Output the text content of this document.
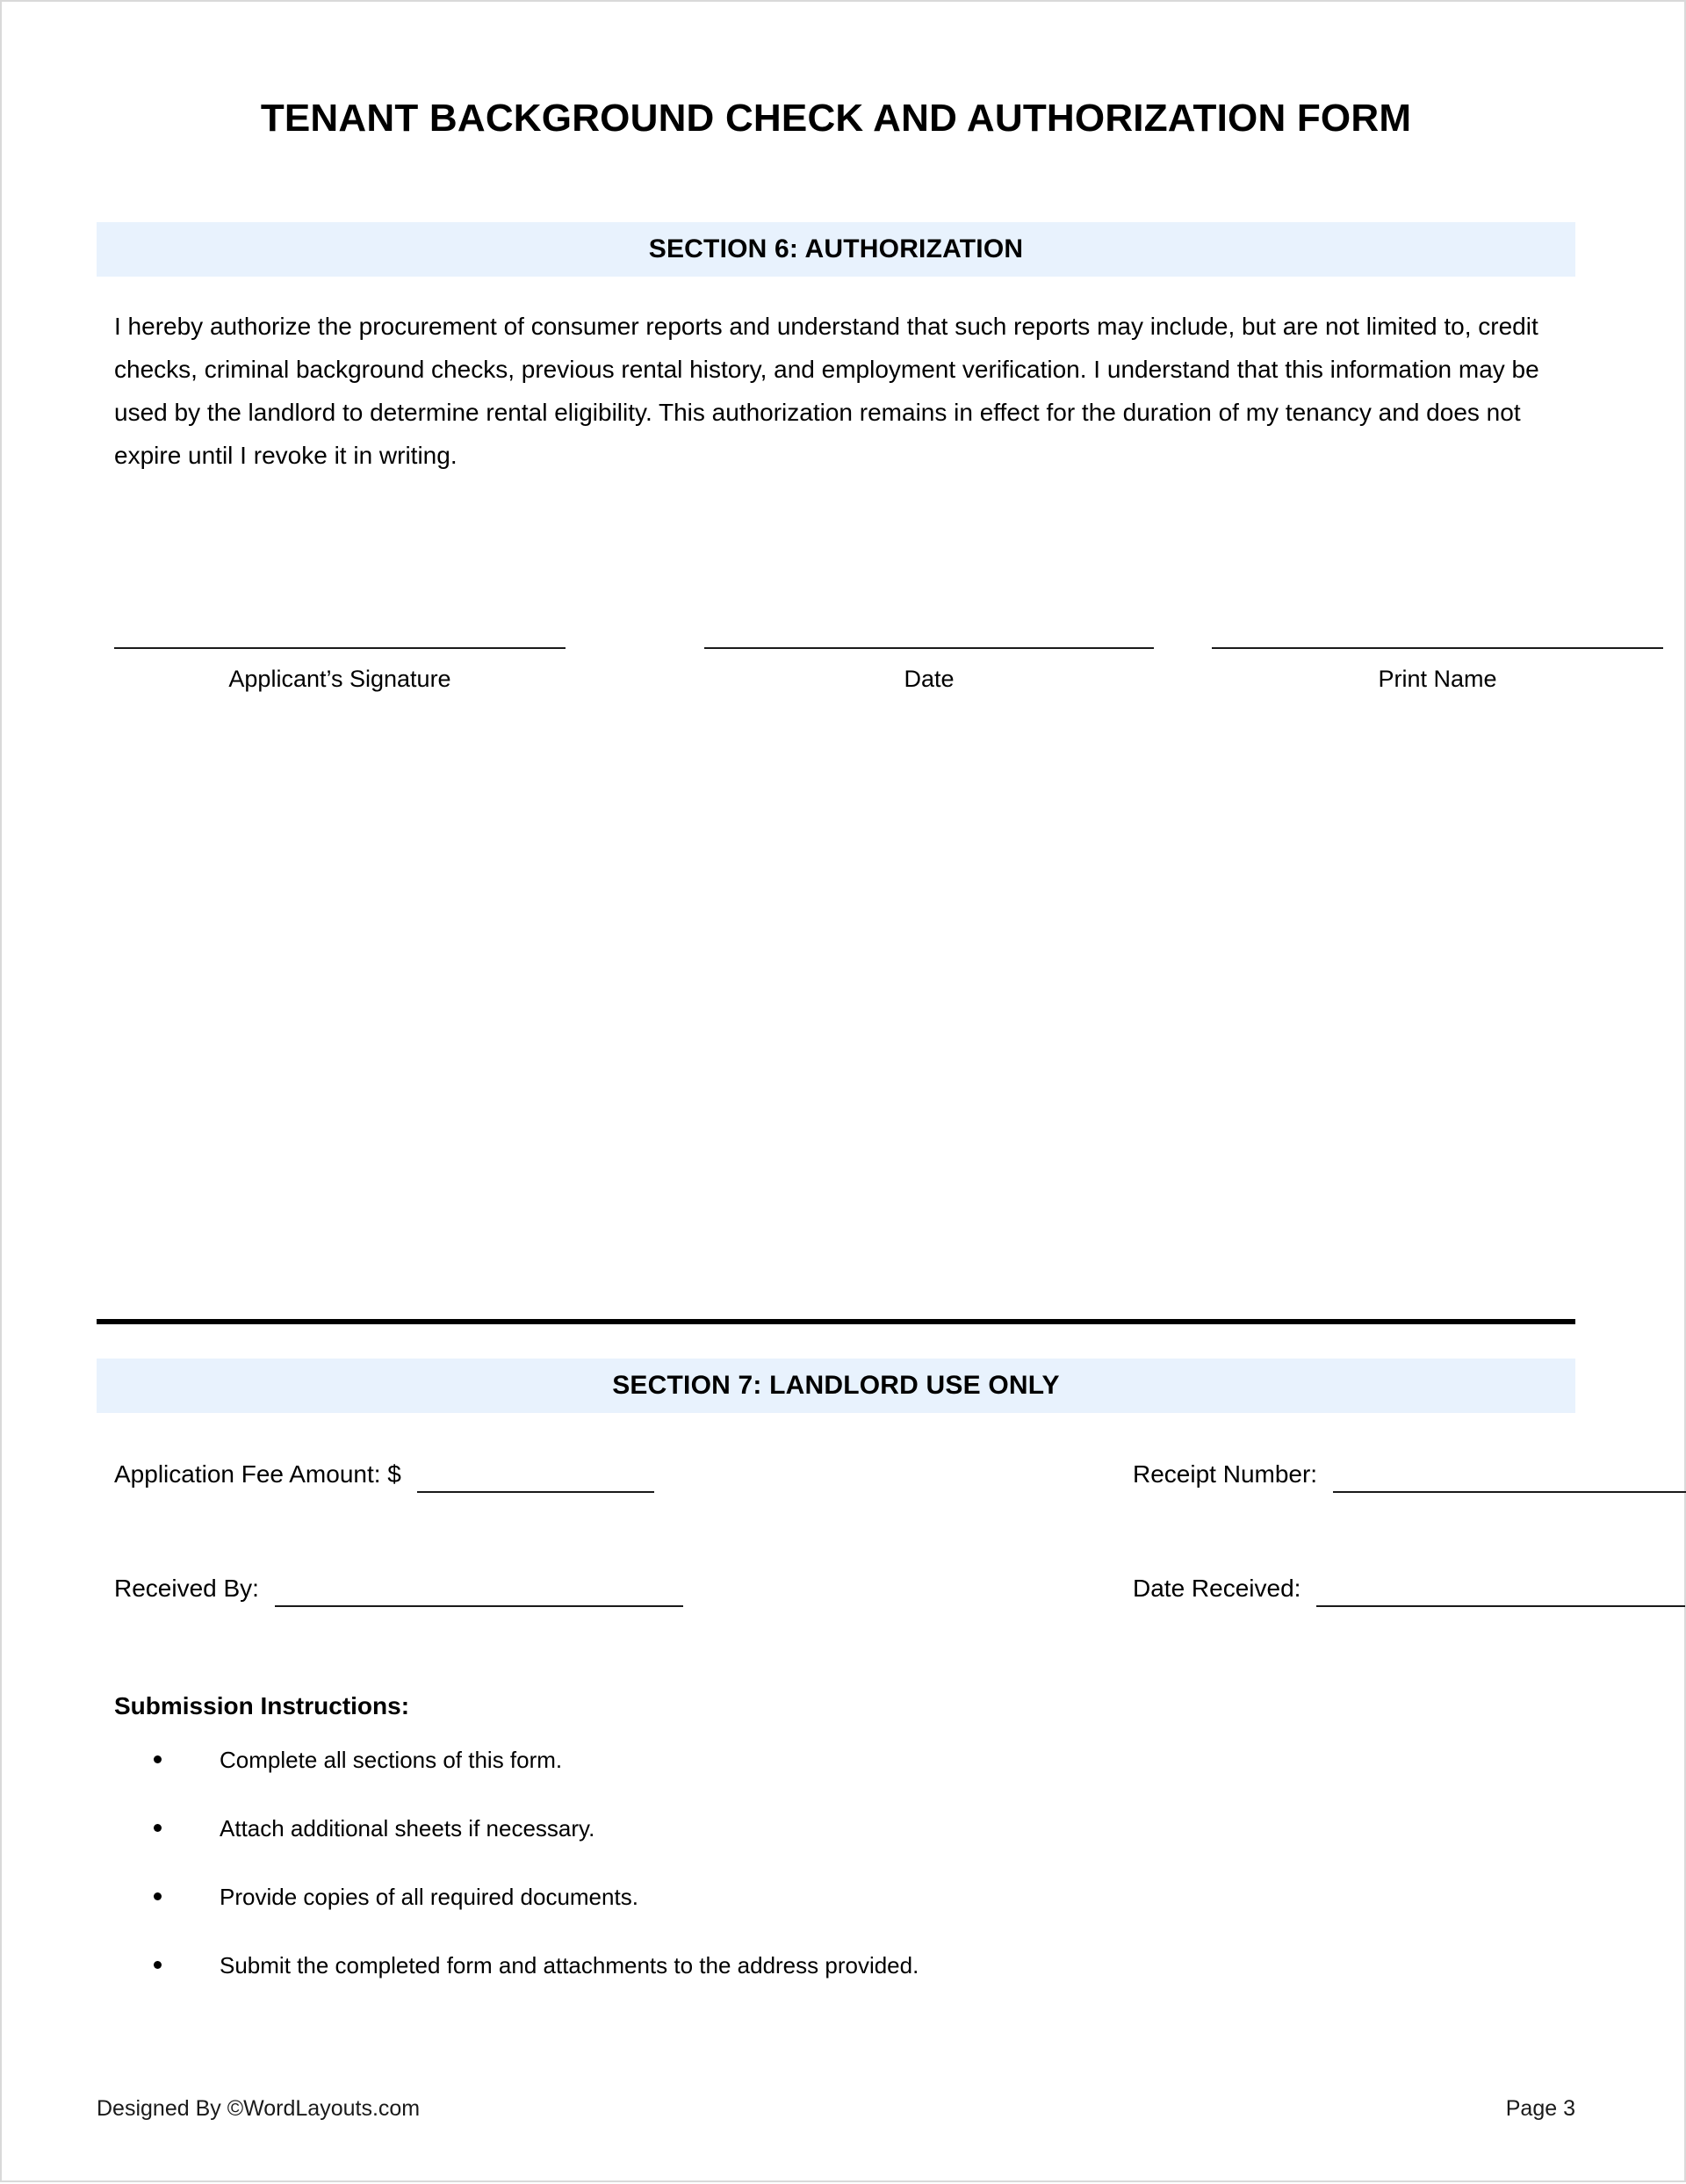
TENANT BACKGROUND CHECK AND AUTHORIZATION FORM
SECTION 6: AUTHORIZATION
I hereby authorize the procurement of consumer reports and understand that such reports may include, but are not limited to, credit checks, criminal background checks, previous rental history, and employment verification. I understand that this information may be used by the landlord to determine rental eligibility. This authorization remains in effect for the duration of my tenancy and does not expire until I revoke it in writing.
Applicant’s Signature	Date	Print Name
SECTION 7: LANDLORD USE ONLY
Application Fee Amount: $	Receipt Number:
Received By:	Date Received:
Submission Instructions:
Complete all sections of this form.
Attach additional sheets if necessary.
Provide copies of all required documents.
Submit the completed form and attachments to the address provided.
Designed By ©WordLayouts.com	Page 3
